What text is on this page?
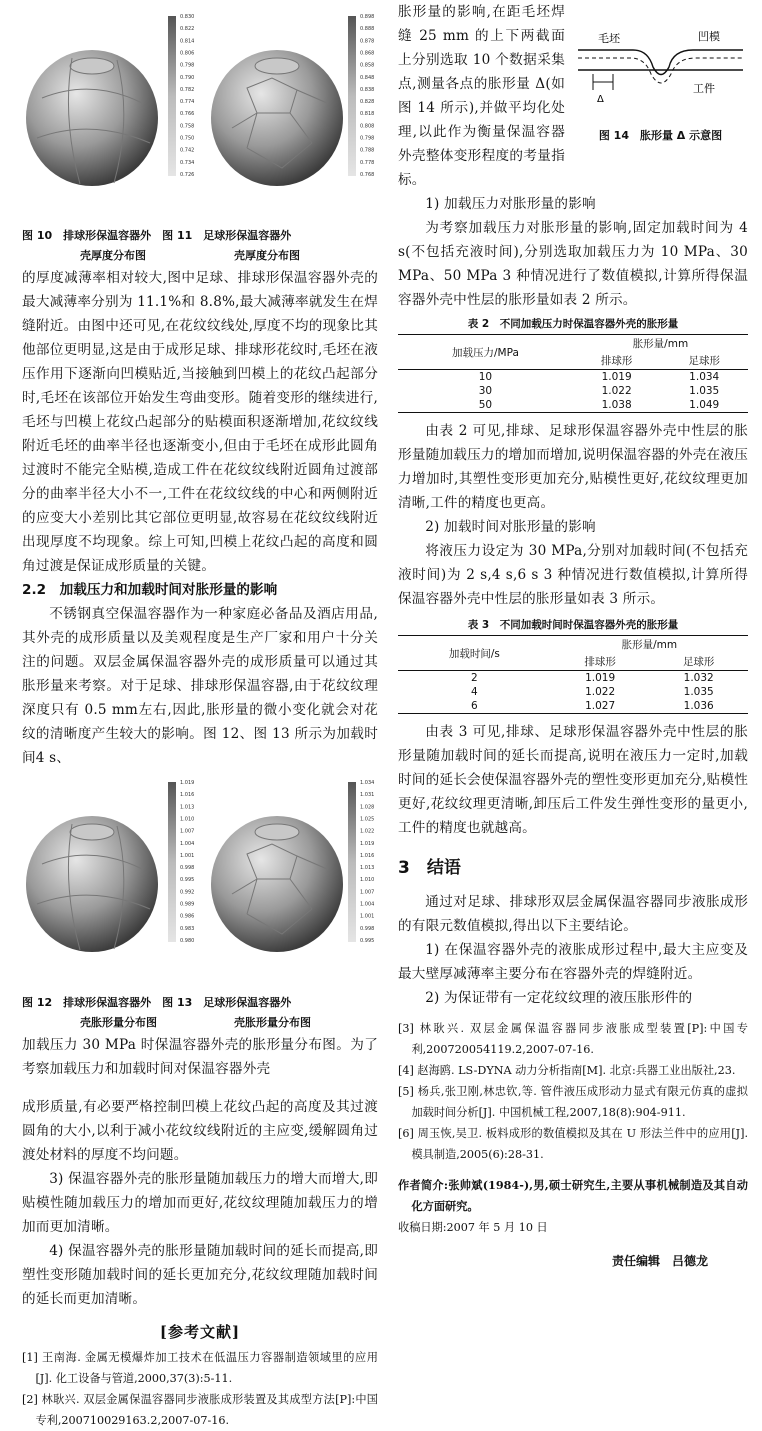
0.830
0.822
0.814
0.806
0.798
0.790
0.782
0.774
0.766
0.758
0.750
0.742
0.734
0.726
0.898
0.888
0.878
0.868
0.858
0.848
0.838
0.828
0.818
0.808
0.798
0.788
0.778
0.768
图 10　排球形保温容器外　图 11　足球形保温容器外
壳厚度分布图　　　　　　　　壳厚度分布图

的厚度减薄率相对较大,图中足球、排球形保温容器外壳的最大减薄率分别为 11.1%和 8.8%,最大减薄率就发生在焊缝附近。由图中还可见,在花纹纹线处,厚度不均的现象比其他部位更明显,这是由于成形足球、排球形花纹时,毛坯在液压作用下逐渐向凹模贴近,当接触到凹模上的花纹凸起部分时,毛坯在该部位开始发生弯曲变形。随着变形的继续进行,毛坯与凹模上花纹凸起部分的贴模面积逐渐增加,花纹纹线附近毛坯的曲率半径也逐渐变小,但由于毛坯在成形此圆角过渡时不能完全贴模,造成工件在花纹纹线附近圆角过渡部分的曲率半径大小不一,工件在花纹纹线的中心和两侧附近的应变大小差别比其它部位更明显,故容易在花纹纹线附近出现厚度不均现象。综上可知,凹模上花纹凸起的高度和圆角过渡是保证成形质量的关键。

2.2　加载压力和加载时间对胀形量的影响

不锈钢真空保温容器作为一种家庭必备品及酒店用品,其外壳的成形质量以及美观程度是生产厂家和用户十分关注的问题。双层金属保温容器外壳的成形质量可以通过其胀形量来考察。对于足球、排球形保温容器,由于花纹纹理深度只有 0.5 mm左右,因此,胀形量的微小变化就会对花纹的清晰度产生较大的影响。图 12、图 13 所示为加载时间4 s、

1.019
1.016
1.013
1.010
1.007
1.004
1.001
0.998
0.995
0.992
0.989
0.986
0.983
0.980
1.034
1.031
1.028
1.025
1.022
1.019
1.016
1.013
1.010
1.007
1.004
1.001
0.998
0.995
图 12　排球形保温容器外　图 13　足球形保温容器外
壳胀形量分布图　　　　　　　壳胀形量分布图

加载压力 30 MPa 时保温容器外壳的胀形量分布图。为了考察加载压力和加载时间对保温容器外壳

成形质量,有必要严格控制凹模上花纹凸起的高度及其过渡圆角的大小,以利于减小花纹纹线附近的主应变,缓解圆角过渡处材料的厚度不均问题。

3) 保温容器外壳的胀形量随加载压力的增大而增大,即贴模性随加载压力的增加而更好,花纹纹理随加载压力的增加而更加清晰。

4) 保温容器外壳的胀形量随加载时间的延长而提高,即塑性变形随加载时间的延长更加充分,花纹纹理随加载时间的延长而更加清晰。

[参考文献]

[1] 王南海. 金属无模爆炸加工技术在低温压力容器制造领域里的应用[J]. 化工设备与管道,2000,37(3):5-11.

[2] 林耿兴. 双层金属保温容器同步液胀成形装置及其成型方法[P]:中国专利,200710029163.2,2007-07-16.

毛坯	凹模
工件
Δ
图 14　胀形量 Δ 示意图

胀形量的影响,在距毛坯焊缝 25 mm 的上下两截面上分别选取 10 个数据采集点,测量各点的胀形量 Δ(如图 14 所示),并做平均化处理,以此作为衡量保温容器外壳整体变形程度的考量指标。

1) 加载压力对胀形量的影响

为考察加载压力对胀形量的影响,固定加载时间为 4 s(不包括充液时间),分别选取加载压力为 10 MPa、30 MPa、50 MPa 3 种情况进行了数值模拟,计算所得保温容器外壳中性层的胀形量如表 2 所示。

表 2　不同加载压力时保温容器外壳的胀形量
加载压力/MPa	胀形量/mm	
	排球形	足球形
10	1.019	1.034
30	1.022	1.035
50	1.038	1.049

由表 2 可见,排球、足球形保温容器外壳中性层的胀形量随加载压力的增加而增加,说明保温容器的外壳在液压力增加时,其塑性变形更加充分,贴模性更好,花纹纹理更加清晰,工件的精度也更高。

2) 加载时间对胀形量的影响

将液压力设定为 30 MPa,分别对加载时间(不包括充液时间)为 2 s,4 s,6 s 3 种情况进行数值模拟,计算所得保温容器外壳中性层的胀形量如表 3 所示。

表 3　不同加载时间时保温容器外壳的胀形量
加载时间/s	胀形量/mm	
	排球形	足球形
2	1.019	1.032
4	1.022	1.035
6	1.027	1.036

由表 3 可见,排球、足球形保温容器外壳中性层的胀形量随加载时间的延长而提高,说明在液压力一定时,加载时间的延长会使保温容器外壳的塑性变形更加充分,贴模性更好,花纹纹理更清晰,卸压后工件发生弹性变形的量更小,工件的精度也就越高。

3　结语

通过对足球、排球形双层金属保温容器同步液胀成形的有限元数值模拟,得出以下主要结论。

1) 在保温容器外壳的液胀成形过程中,最大主应变及最大壁厚减薄率主要分布在容器外壳的焊缝附近。

2) 为保证带有一定花纹纹理的液压胀形件的

[3] 林耿兴. 双层金属保温容器同步液胀成型装置[P]:中国专利,200720054119.2,2007-07-16.

[4] 赵海鸥. LS-DYNA 动力分析指南[M]. 北京:兵器工业出版社,23.

[5] 杨兵,张卫刚,林忠钦,等. 管件液压成形动力显式有限元仿真的虚拟加载时间分析[J]. 中国机械工程,2007,18(8):904-911.

[6] 周玉恢,吴卫. 板料成形的数值模拟及其在 U 形法兰件中的应用[J]. 模具制造,2005(6):28-31.

作者简介:张帅斌(1984-),男,硕士研究生,主要从事机械制造及其自动化方面研究。

收稿日期:2007 年 5 月 10 日

责任编辑　吕德龙
